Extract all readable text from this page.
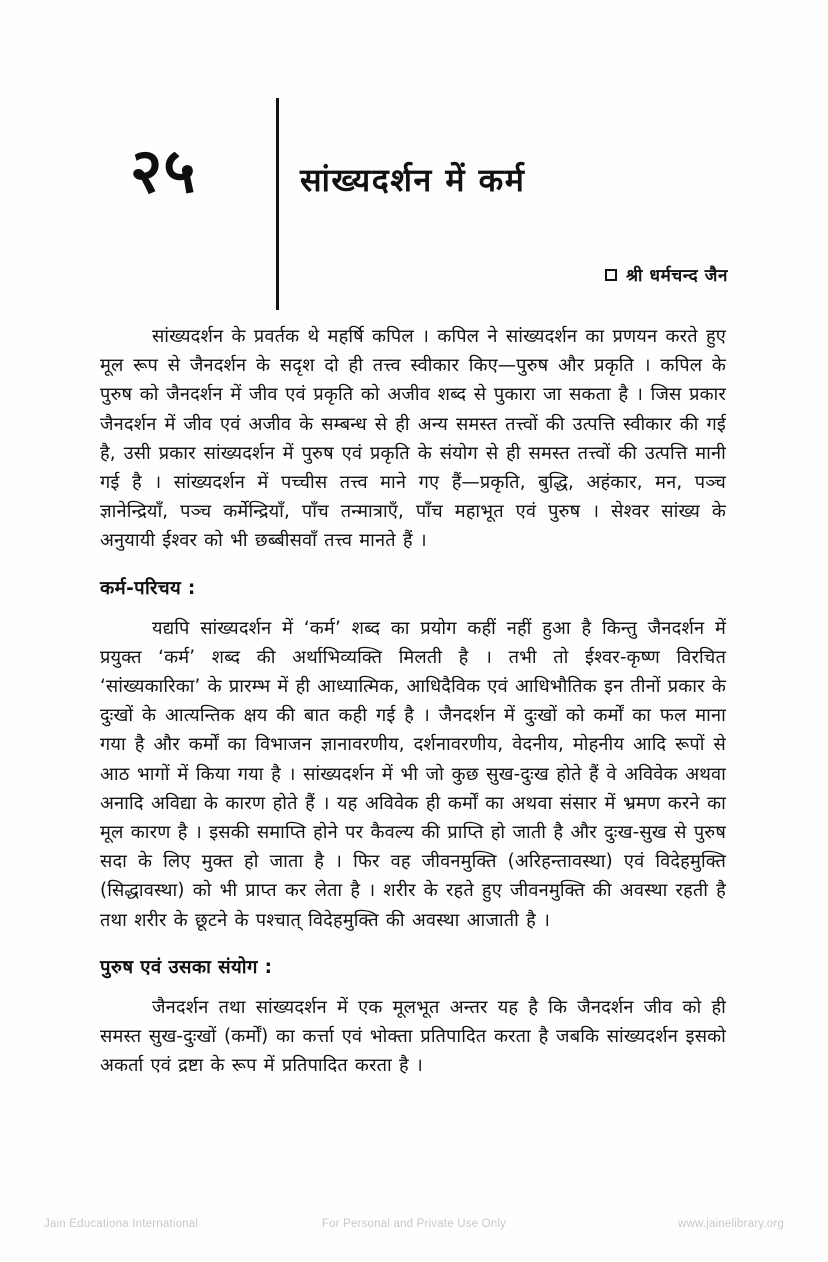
२५	सांख्यदर्शन में कर्म
श्री धर्मचन्द जैन

सांख्यदर्शन के प्रवर्तक थे महर्षि कपिल । कपिल ने सांख्यदर्शन का प्रणयन करते हुए मूल रूप से जैनदर्शन के सदृश दो ही तत्त्व स्वीकार किए—पुरुष और प्रकृति । कपिल के पुरुष को जैनदर्शन में जीव एवं प्रकृति को अजीव शब्द से पुकारा जा सकता है । जिस प्रकार जैनदर्शन में जीव एवं अजीव के सम्बन्ध से ही अन्य समस्त तत्त्वों की उत्पत्ति स्वीकार की गई है, उसी प्रकार सांख्यदर्शन में पुरुष एवं प्रकृति के संयोग से ही समस्त तत्त्वों की उत्पत्ति मानी गई है । सांख्यदर्शन में पच्चीस तत्त्व माने गए हैं—प्रकृति, बुद्धि, अहंकार, मन, पञ्च ज्ञानेन्द्रियाँ, पञ्च कर्मेन्द्रियाँ, पाँच तन्मात्राएँ, पाँच महाभूत एवं पुरुष । सेश्वर सांख्य के अनुयायी ईश्वर को भी छब्बीसवाँ तत्त्व मानते हैं ।

कर्म-परिचय :

यद्यपि सांख्यदर्शन में ‘कर्म’ शब्द का प्रयोग कहीं नहीं हुआ है किन्तु जैनदर्शन में प्रयुक्त ‘कर्म’ शब्द की अर्थाभिव्यक्ति मिलती है । तभी तो ईश्वर-कृष्ण विरचित ‘सांख्यकारिका’ के प्रारम्भ में ही आध्यात्मिक, आधिदैविक एवं आधिभौतिक इन तीनों प्रकार के दुःखों के आत्यन्तिक क्षय की बात कही गई है । जैनदर्शन में दुःखों को कर्मों का फल माना गया है और कर्मों का विभाजन ज्ञानावरणीय, दर्शनावरणीय, वेदनीय, मोहनीय आदि रूपों से आठ भागों में किया गया है । सांख्यदर्शन में भी जो कुछ सुख-दुःख होते हैं वे अविवेक अथवा अनादि अविद्या के कारण होते हैं । यह अविवेक ही कर्मों का अथवा संसार में भ्रमण करने का मूल कारण है । इसकी समाप्ति होने पर कैवल्य की प्राप्ति हो जाती है और दुःख-सुख से पुरुष सदा के लिए मुक्त हो जाता है । फिर वह जीवनमुक्ति (अरिहन्तावस्था) एवं विदेहमुक्ति (सिद्धावस्था) को भी प्राप्त कर लेता है । शरीर के रहते हुए जीवनमुक्ति की अवस्था रहती है तथा शरीर के छूटने के पश्चात् विदेहमुक्ति की अवस्था आजाती है ।

पुरुष एवं उसका संयोग :

जैनदर्शन तथा सांख्यदर्शन में एक मूलभूत अन्तर यह है कि जैनदर्शन जीव को ही समस्त सुख-दुःखों (कर्मों) का कर्त्ता एवं भोक्ता प्रतिपादित करता है जबकि सांख्यदर्शन इसको अकर्ता एवं द्रष्टा के रूप में प्रतिपादित करता है ।

Jain Educationa International	For Personal and Private Use Only	www.jainelibrary.org
